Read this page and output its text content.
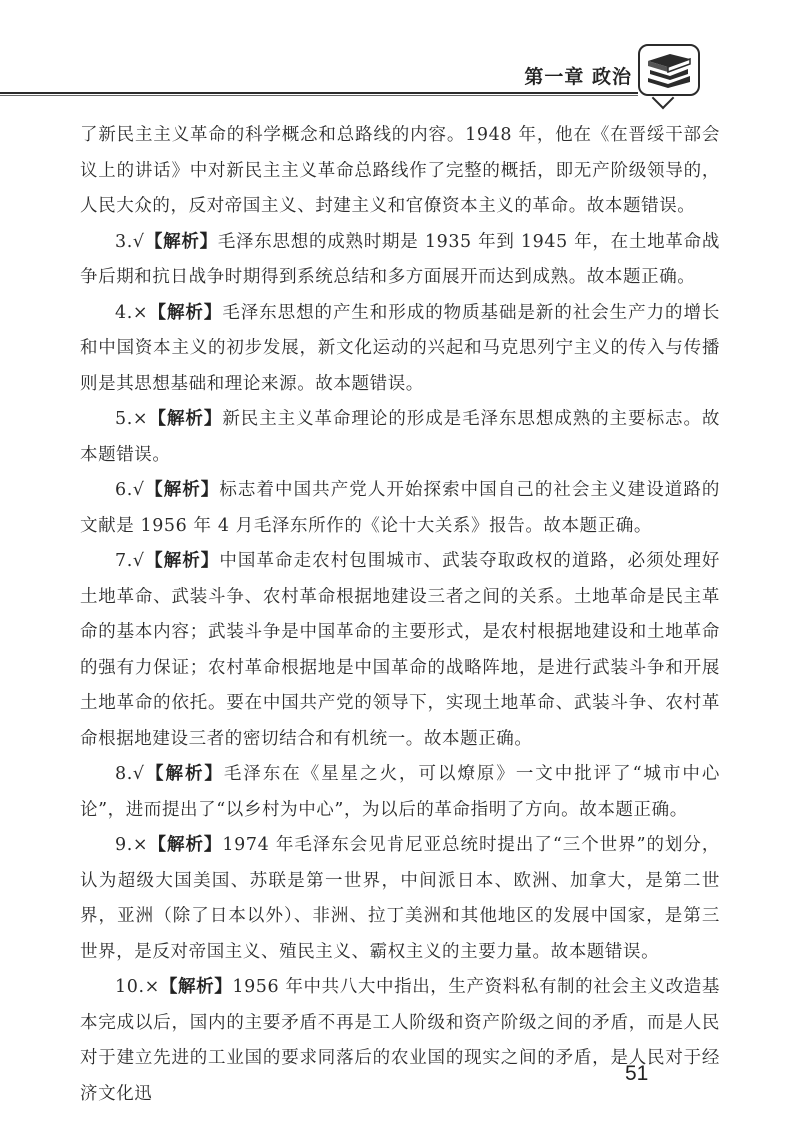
第一章 政治

了新民主主义革命的科学概念和总路线的内容。1948 年，他在《在晋绥干部会议上的讲话》中对新民主主义革命总路线作了完整的概括，即无产阶级领导的，人民大众的，反对帝国主义、封建主义和官僚资本主义的革命。故本题错误。

3.√【解析】毛泽东思想的成熟时期是 1935 年到 1945 年，在土地革命战争后期和抗日战争时期得到系统总结和多方面展开而达到成熟。故本题正确。

4.×【解析】毛泽东思想的产生和形成的物质基础是新的社会生产力的增长和中国资本主义的初步发展，新文化运动的兴起和马克思列宁主义的传入与传播则是其思想基础和理论来源。故本题错误。

5.×【解析】新民主主义革命理论的形成是毛泽东思想成熟的主要标志。故本题错误。

6.√【解析】标志着中国共产党人开始探索中国自己的社会主义建设道路的文献是 1956 年 4 月毛泽东所作的《论十大关系》报告。故本题正确。

7.√【解析】中国革命走农村包围城市、武装夺取政权的道路，必须处理好土地革命、武装斗争、农村革命根据地建设三者之间的关系。土地革命是民主革命的基本内容；武装斗争是中国革命的主要形式，是农村根据地建设和土地革命的强有力保证；农村革命根据地是中国革命的战略阵地，是进行武装斗争和开展土地革命的依托。要在中国共产党的领导下，实现土地革命、武装斗争、农村革命根据地建设三者的密切结合和有机统一。故本题正确。

8.√【解析】毛泽东在《星星之火，可以燎原》一文中批评了“城市中心论”，进而提出了“以乡村为中心”，为以后的革命指明了方向。故本题正确。

9.×【解析】1974 年毛泽东会见肯尼亚总统时提出了“三个世界”的划分，认为超级大国美国、苏联是第一世界，中间派日本、欧洲、加拿大，是第二世界，亚洲（除了日本以外）、非洲、拉丁美洲和其他地区的发展中国家，是第三世界，是反对帝国主义、殖民主义、霸权主义的主要力量。故本题错误。

10.×【解析】1956 年中共八大中指出，生产资料私有制的社会主义改造基本完成以后，国内的主要矛盾不再是工人阶级和资产阶级之间的矛盾，而是人民对于建立先进的工业国的要求同落后的农业国的现实之间的矛盾，是人民对于经济文化迅

51
